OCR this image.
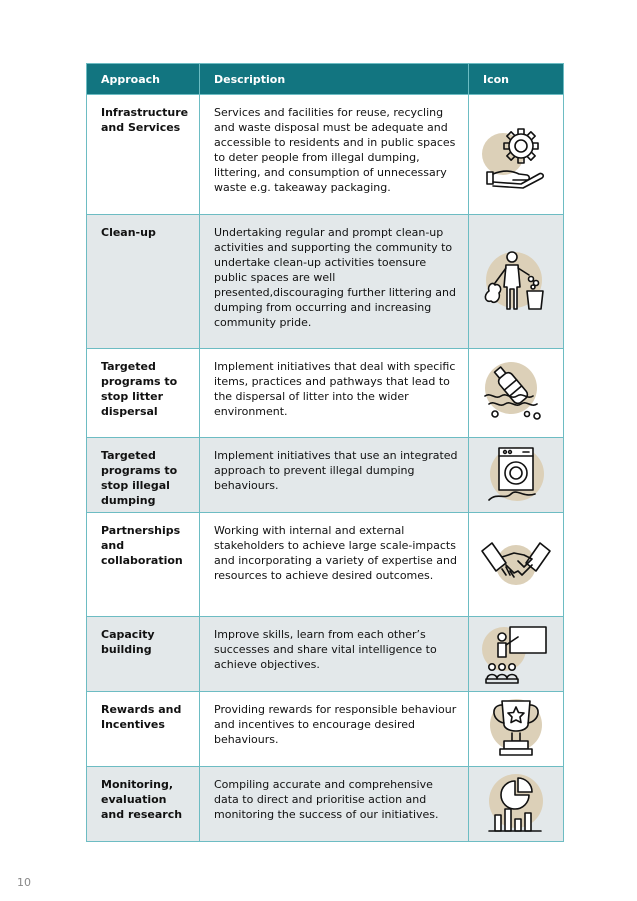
Approach	Description	Icon
Infrastructure and Services	Services and facilities for reuse, recycling and waste disposal must be adequate and accessible to residents and in public spaces to deter people from illegal dumping, littering, and consumption of unnecessary waste e.g. takeaway packaging.	

Clean-up	Undertaking regular and prompt clean-up activities and supporting the community to undertake clean-up activities toensure public spaces are well presented,discouraging further littering and dumping from occurring and increasing community pride.	

Targeted programs to stop litter dispersal	Implement initiatives that deal with specific items, practices and pathways that lead to the dispersal of litter into the wider environment.	

Targeted programs to stop illegal dumping	Implement initiatives that use an integrated approach to prevent illegal dumping behaviours.	

Partnerships and collaboration	Working with internal and external stakeholders to achieve large scale-impacts and incorporating a variety of expertise and resources to achieve desired outcomes.	

Capacity building	Improve skills, learn from each other’s successes and share vital intelligence to achieve objectives.	

Rewards and Incentives	Providing rewards for responsible behaviour and incentives to encourage desired behaviours.	

Monitoring, evaluation and research	Compiling accurate and comprehensive data to direct and prioritise action and monitoring the success of our initiatives.	
10
